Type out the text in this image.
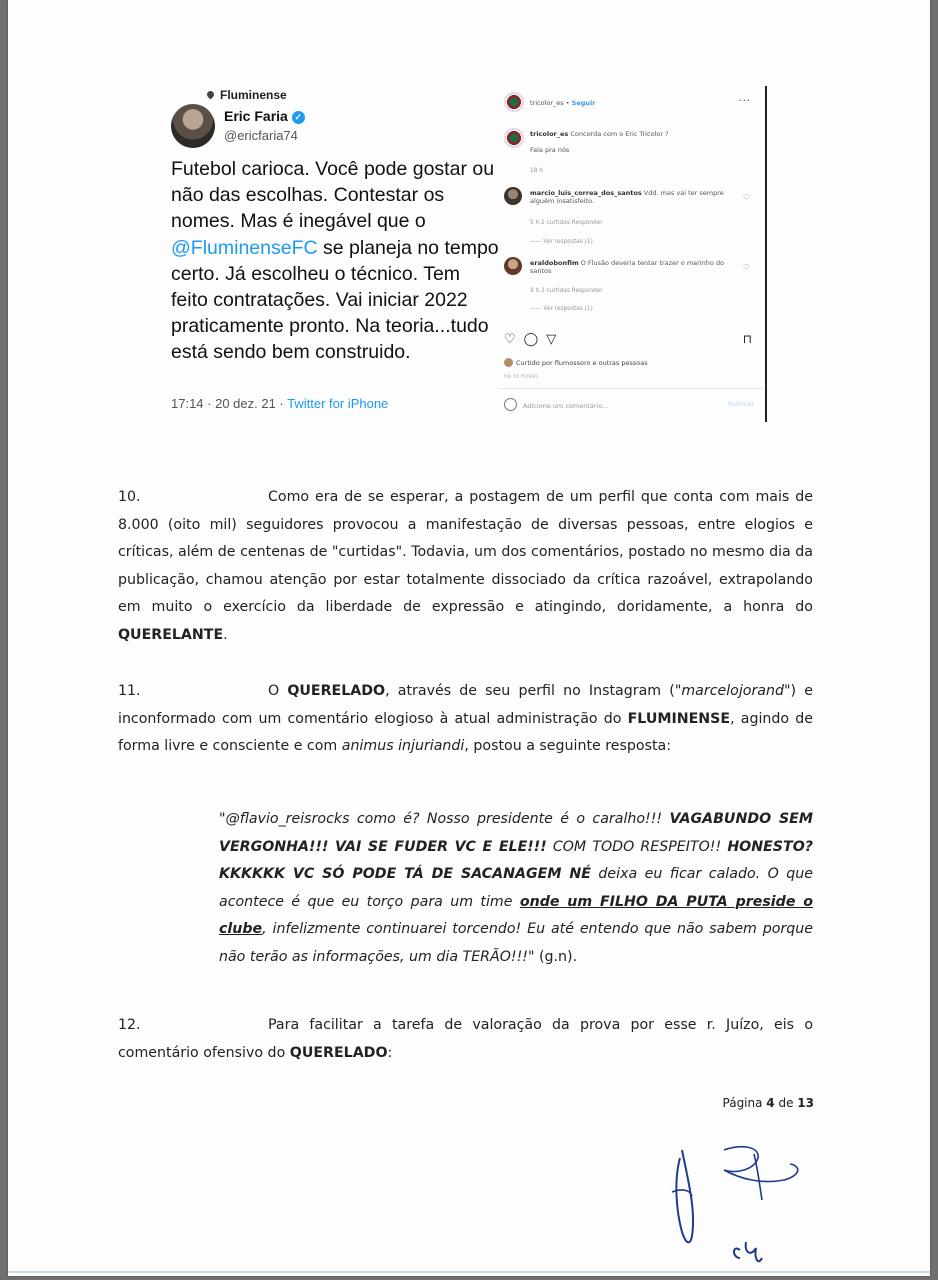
Fluminense
Eric Faria ✓
@ericfaria74
Futebol carioca. Você pode gostar ou não das escolhas. Contestar os nomes. Mas é inegável que o @FluminenseFC se planeja no tempo certo. Já escolheu o técnico. Tem feito contratações. Vai iniciar 2022 praticamente pronto. Na teoria...tudo está sendo bem construido.
17:14 · 20 dez. 21 · Twitter for iPhone
tricolor_es • Seguir	···
tricolor_es Concorda com o Eric Tricolor ?

Fala pra nós
18 h
marcio_luis_correa_dos_santos Vdd. mas vai ter sempre alguém insatisfeito.	♡
5 h 2 curtidas Responder
—— Ver respostas (1)
eraldobonfim O Flusão deveria tentar trazer o marinho do santos	♡
9 h 2 curtidas Responder
—— Ver respostas (1)
♡ ◯ ▽	⊓
Curtido por flumossoro e outras pessoas
HÁ 18 HORAS
Adicione um comentário...	Publicar
10.	Como era de se esperar, a postagem de um perfil que conta com mais de 8.000 (oito mil) seguidores provocou a manifestação de diversas pessoas, entre elogios e críticas, além de centenas de "curtidas". Todavia, um dos comentários, postado no mesmo dia da publicação, chamou atenção por estar totalmente dissociado da crítica razoável, extrapolando em muito o exercício da liberdade de expressão e atingindo, doridamente, a honra do QUERELANTE.
11.	O QUERELADO, através de seu perfil no Instagram ("marcelojorand") e inconformado com um comentário elogioso à atual administração do FLUMINENSE, agindo de forma livre e consciente e com animus injuriandi, postou a seguinte resposta:
"@flavio_reisrocks como é? Nosso presidente é o caralho!!! VAGABUNDO SEM VERGONHA!!! VAI SE FUDER VC E ELE!!! COM TODO RESPEITO!! HONESTO? KKKKKK VC SÓ PODE TÁ DE SACANAGEM NÉ deixa eu ficar calado. O que acontece é que eu torço para um time onde um FILHO DA PUTA preside o clube, infelizmente continuarei torcendo! Eu até entendo que não sabem porque não terão as informações, um dia TERÃO!!!" (g.n).
12.	Para facilitar a tarefa de valoração da prova por esse r. Juízo, eis o comentário ofensivo do QUERELADO:
Página 4 de 13
